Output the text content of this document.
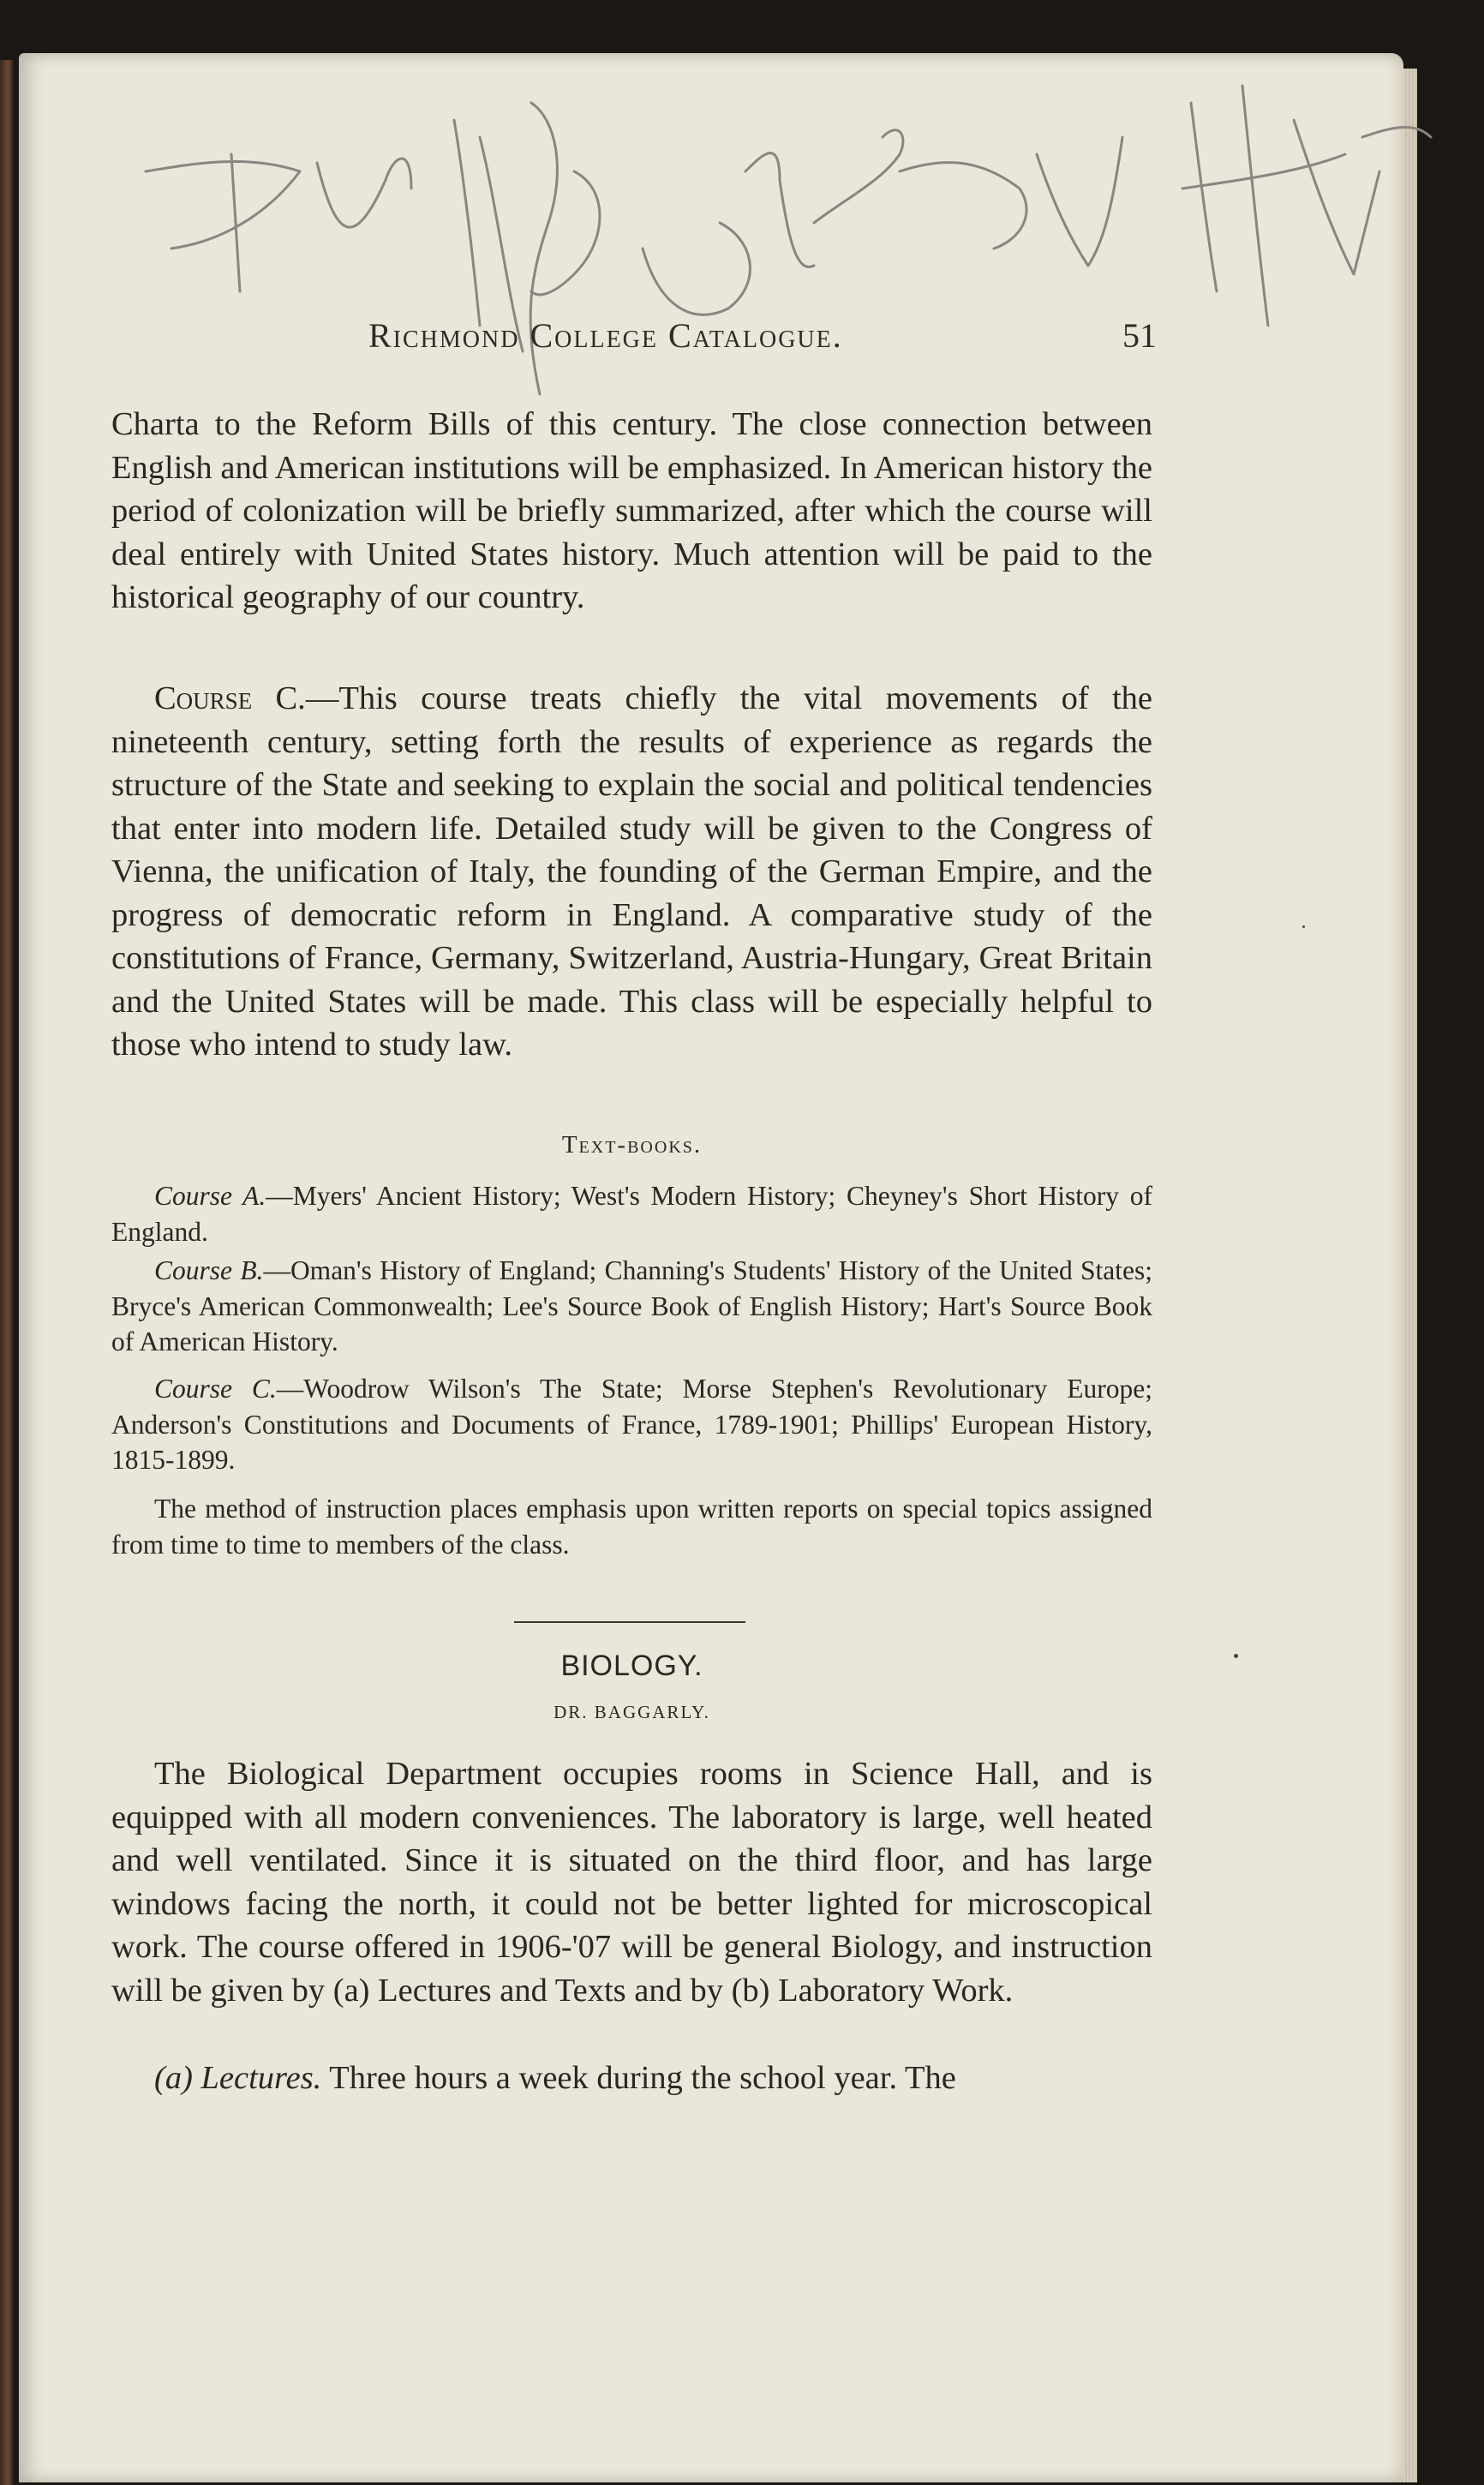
Richmond College Catalogue.	51
Charta to the Reform Bills of this century. The close connection between English and American institutions will be emphasized. In American history the period of colonization will be briefly summarized, after which the course will deal entirely with United States history. Much attention will be paid to the historical geography of our country.
Course C.—This course treats chiefly the vital movements of the nineteenth century, setting forth the results of experience as regards the structure of the State and seeking to explain the social and political tendencies that enter into modern life. Detailed study will be given to the Congress of Vienna, the unification of Italy, the founding of the German Empire, and the progress of democratic reform in England. A comparative study of the constitutions of France, Germany, Switzerland, Austria-Hungary, Great Britain and the United States will be made. This class will be especially helpful to those who intend to study law.
Text-books.
Course A.—Myers' Ancient History; West's Modern History; Cheyney's Short History of England.
Course B.—Oman's History of England; Channing's Students' History of the United States; Bryce's American Commonwealth; Lee's Source Book of English History; Hart's Source Book of American History.
Course C.—Woodrow Wilson's The State; Morse Stephen's Revolutionary Europe; Anderson's Constitutions and Documents of France, 1789-1901; Phillips' European History, 1815-1899.
The method of instruction places emphasis upon written reports on special topics assigned from time to time to members of the class.
BIOLOGY.
DR. BAGGARLY.
The Biological Department occupies rooms in Science Hall, and is equipped with all modern conveniences. The laboratory is large, well heated and well ventilated. Since it is situated on the third floor, and has large windows facing the north, it could not be better lighted for microscopical work. The course offered in 1906-'07 will be general Biology, and instruction will be given by (a) Lectures and Texts and by (b) Laboratory Work.
(a) Lectures. Three hours a week during the school year. The
